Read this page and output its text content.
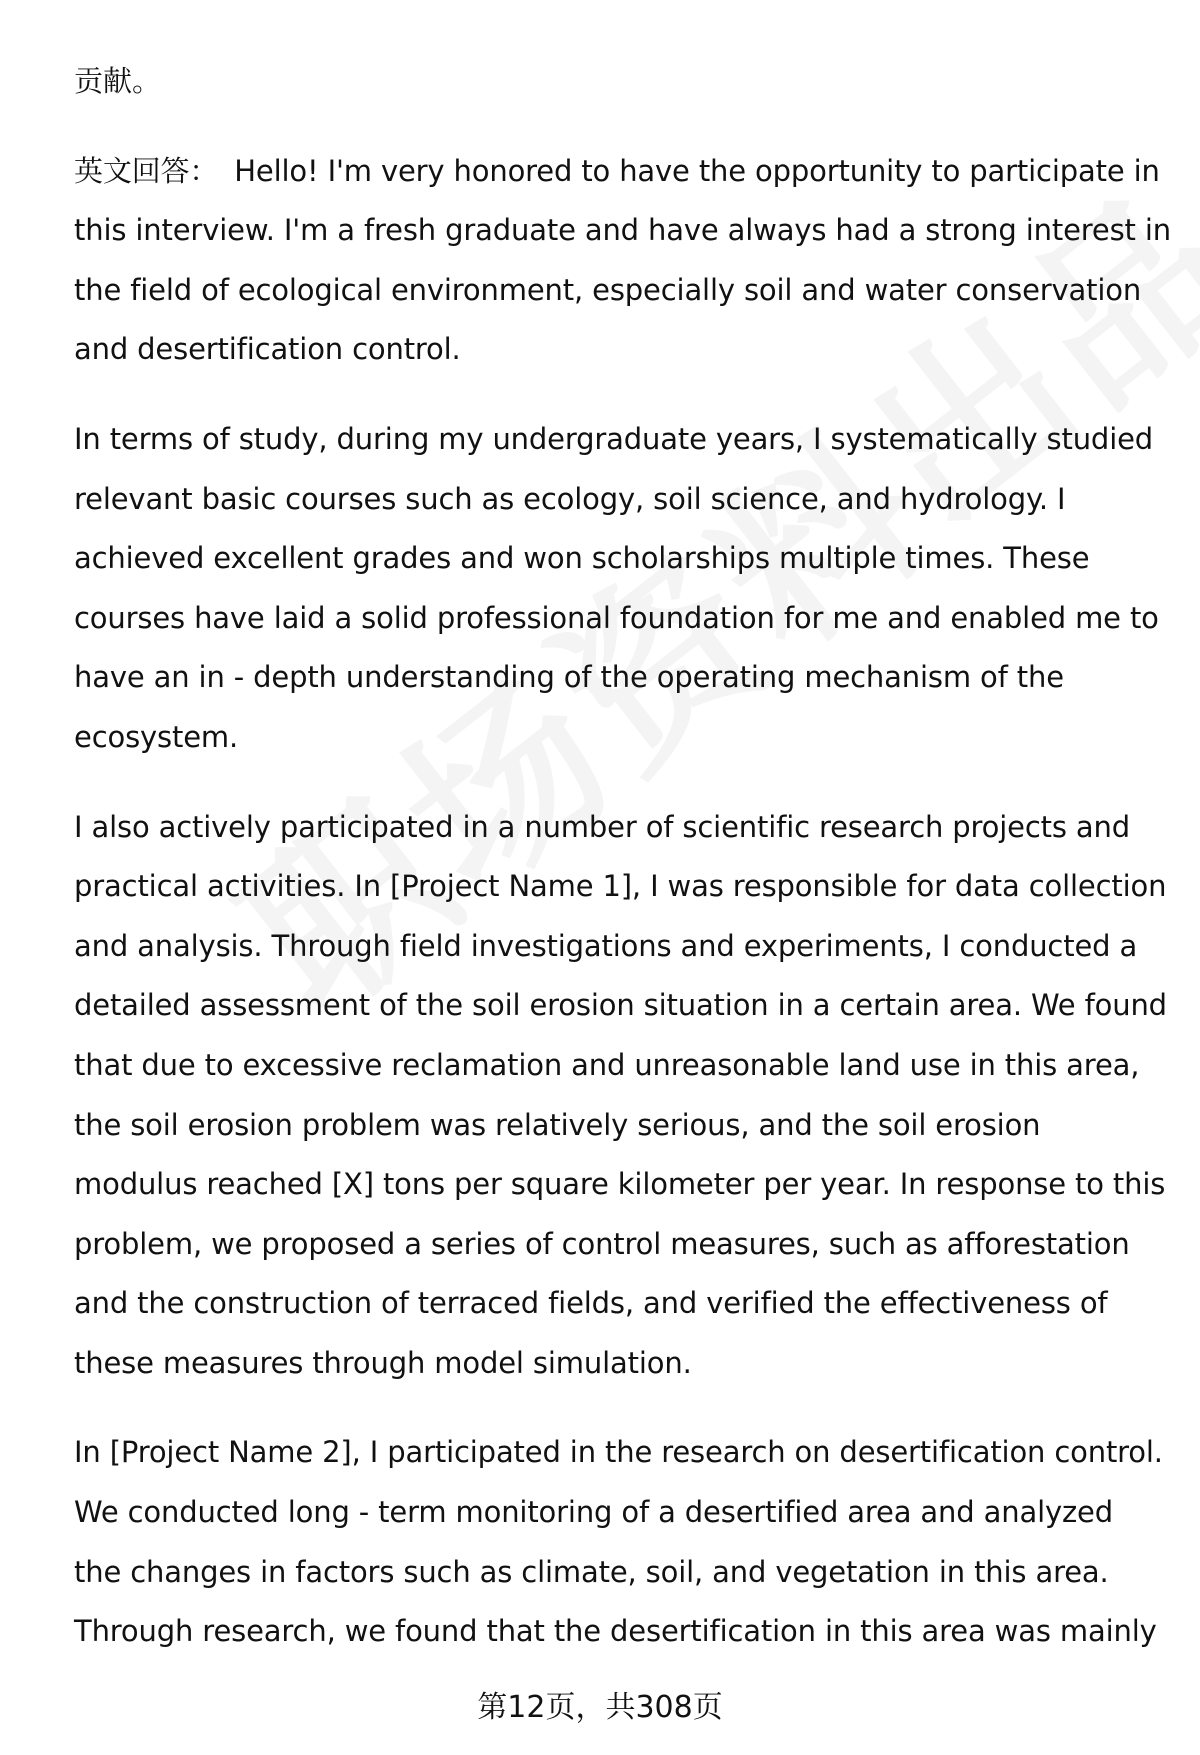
贡献。
英文回答： Hello! I'm very honored to have the opportunity to participate in
this interview. I'm a fresh graduate and have always had a strong interest in
the field of ecological environment, especially soil and water conservation
and desertification control.
In terms of study, during my undergraduate years, I systematically studied
relevant basic courses such as ecology, soil science, and hydrology. I
achieved excellent grades and won scholarships multiple times. These
courses have laid a solid professional foundation for me and enabled me to
have an in - depth understanding of the operating mechanism of the
ecosystem.
I also actively participated in a number of scientific research projects and
practical activities. In [Project Name 1], I was responsible for data collection
and analysis. Through field investigations and experiments, I conducted a
detailed assessment of the soil erosion situation in a certain area. We found
that due to excessive reclamation and unreasonable land use in this area,
the soil erosion problem was relatively serious, and the soil erosion
modulus reached [X] tons per square kilometer per year. In response to this
problem, we proposed a series of control measures, such as afforestation
and the construction of terraced fields, and verified the effectiveness of
these measures through model simulation.
In [Project Name 2], I participated in the research on desertification control.
We conducted long - term monitoring of a desertified area and analyzed
the changes in factors such as climate, soil, and vegetation in this area.
Through research, we found that the desertification in this area was mainly
第12页，共308页
